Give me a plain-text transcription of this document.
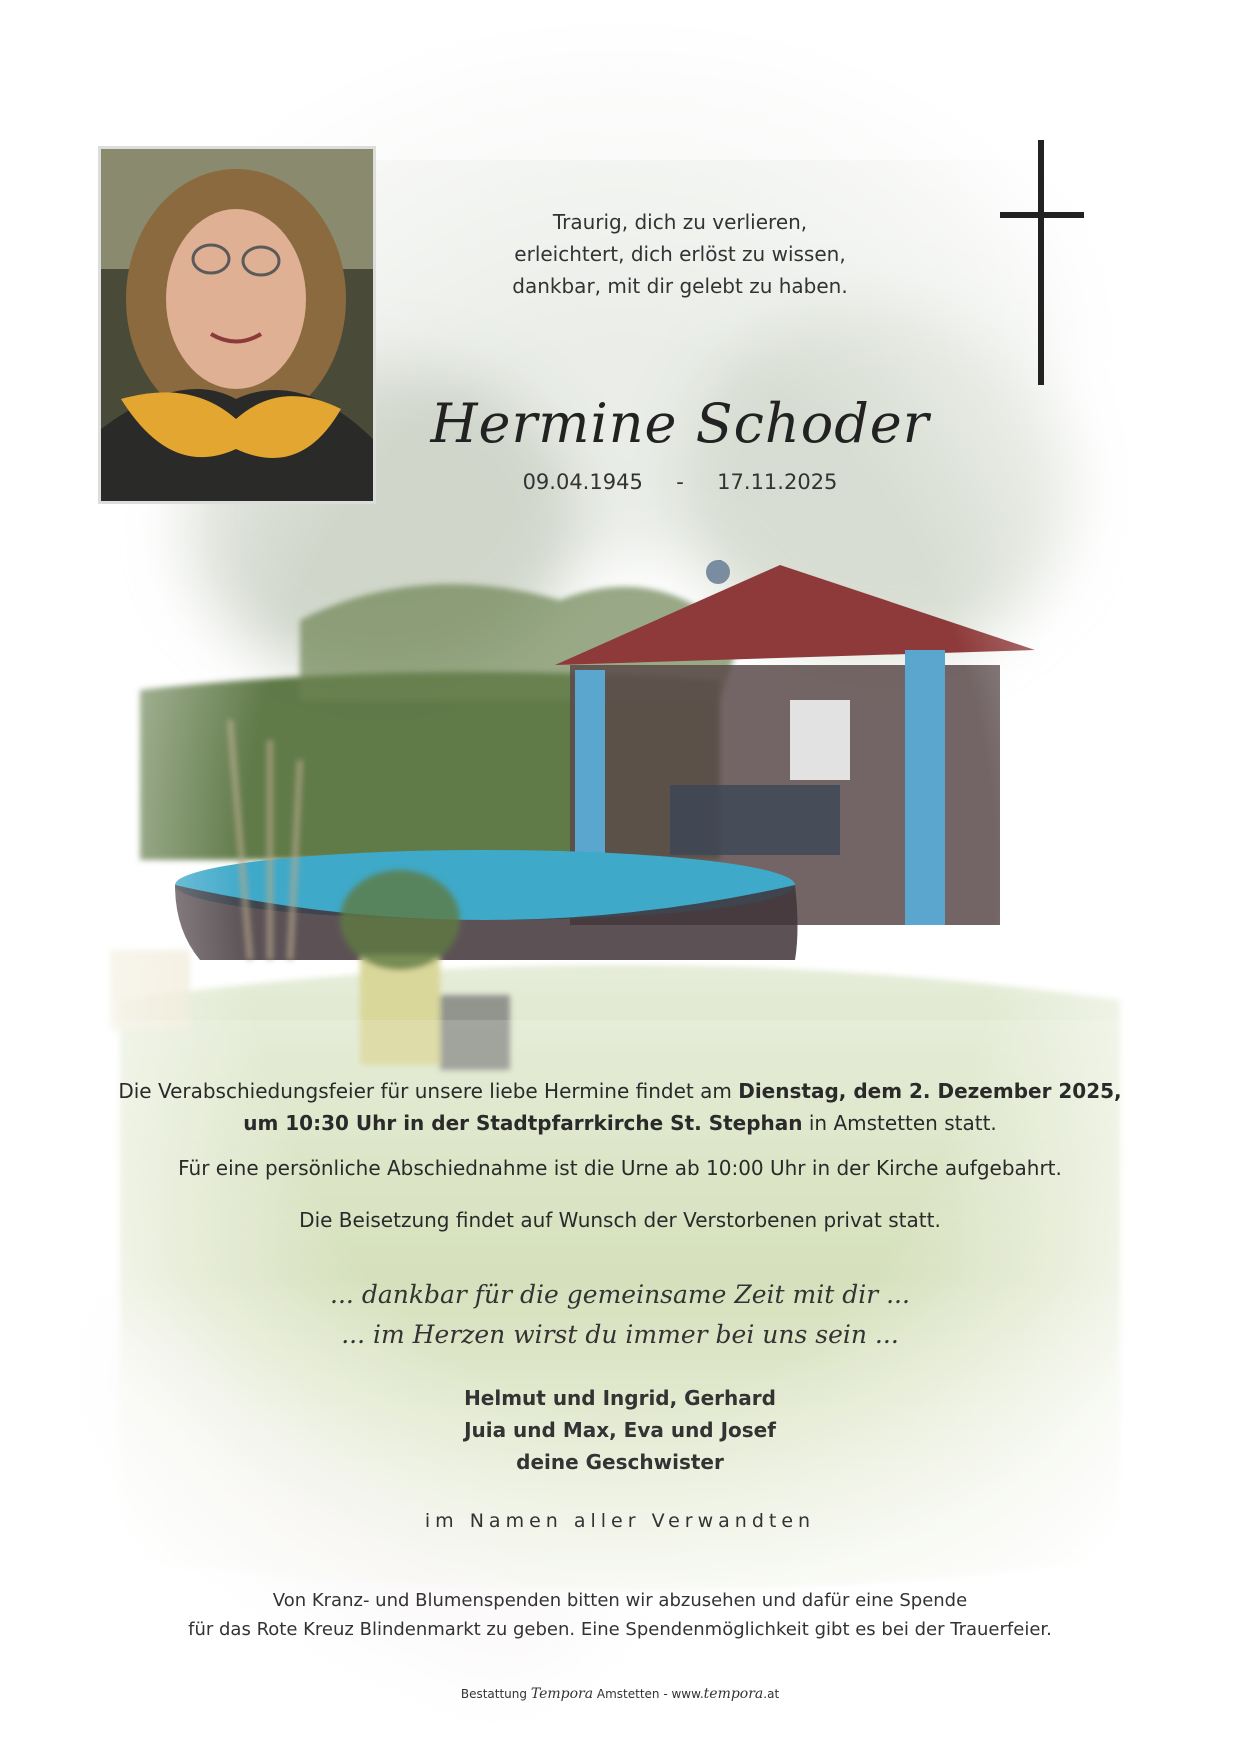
Traurig, dich zu verlieren,
erleichtert, dich erlöst zu wissen,
dankbar, mit dir gelebt zu haben.
Hermine Schoder
09.04.1945 - 17.11.2025
Die Verabschiedungsfeier für unsere liebe Hermine findet am Dienstag, dem 2. Dezember 2025,
um 10:30 Uhr in der Stadtpfarrkirche St. Stephan in Amstetten statt.
Für eine persönliche Abschiednahme ist die Urne ab 10:00 Uhr in der Kirche aufgebahrt.
Die Beisetzung findet auf Wunsch der Verstorbenen privat statt.
... dankbar für die gemeinsame Zeit mit dir ...
... im Herzen wirst du immer bei uns sein ...
Helmut und Ingrid, Gerhard
Juia und Max, Eva und Josef
deine Geschwister
im Namen aller Verwandten
Von Kranz- und Blumenspenden bitten wir abzusehen und dafür eine Spende
für das Rote Kreuz Blindenmarkt zu geben. Eine Spendenmöglichkeit gibt es bei der Trauerfeier.
Bestattung Tempora Amstetten - www.tempora.at
